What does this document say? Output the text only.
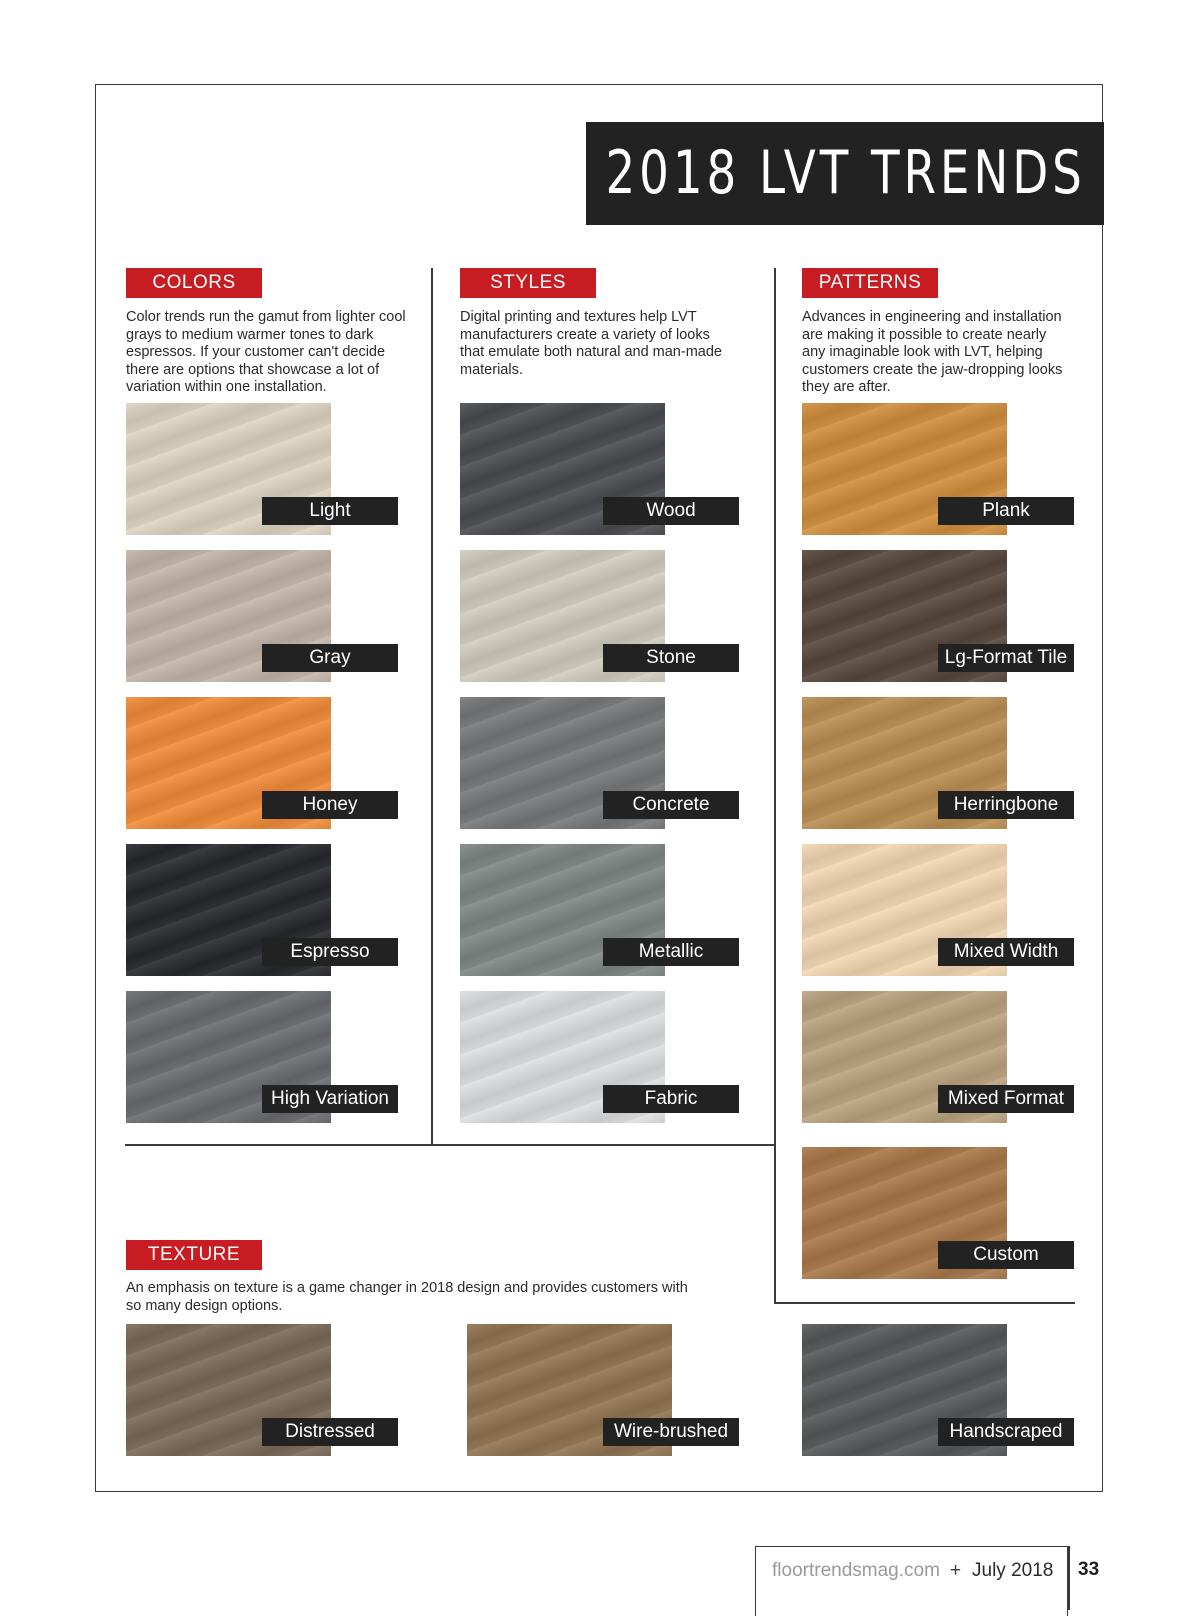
2018 LVT TRENDS
COLORS
Color trends run the gamut from lighter cool grays to medium warmer tones to dark espressos. If your customer can't decide there are options that showcase a lot of variation within one installation.
STYLES
Digital printing and textures help LVT manufacturers create a variety of looks that emulate both natural and man-made materials.
PATTERNS
Advances in engineering and installation are making it possible to create nearly any imaginable look with LVT, helping customers create the jaw-dropping looks they are after.
TEXTURE
An emphasis on texture is a game changer in 2018 design and provides customers with so many design options.
Light
Gray
Honey
Espresso
High Variation
Wood
Stone
Concrete
Metallic
Fabric
Plank
Lg-Format Tile
Herringbone
Mixed Width
Mixed Format
Custom
Distressed	Wire-brushed	Handscraped
floortrendsmag.com + July 2018 33
